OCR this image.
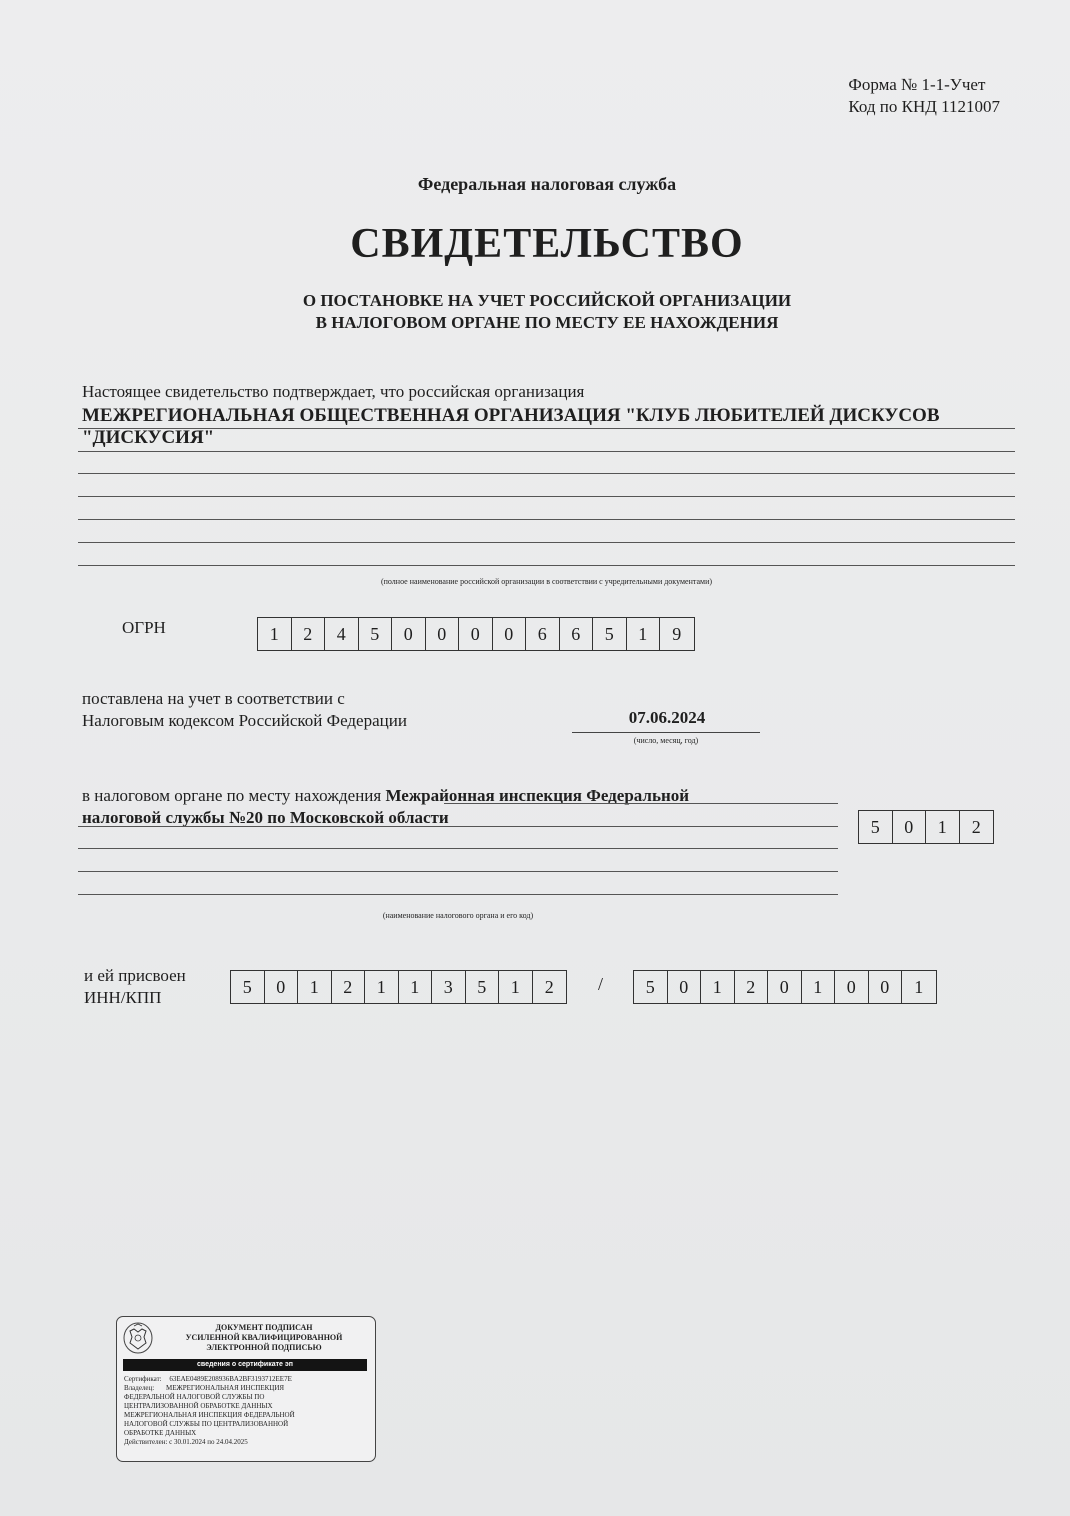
Форма № 1-1-Учет
Код по КНД 1121007
Федеральная налоговая служба
СВИДЕТЕЛЬСТВО
О ПОСТАНОВКЕ НА УЧЕТ РОССИЙСКОЙ ОРГАНИЗАЦИИ
В НАЛОГОВОМ ОРГАНЕ ПО МЕСТУ ЕЕ НАХОЖДЕНИЯ
Настоящее свидетельство подтверждает, что российская организация
МЕЖРЕГИОНАЛЬНАЯ ОБЩЕСТВЕННАЯ ОРГАНИЗАЦИЯ "КЛУБ ЛЮБИТЕЛЕЙ ДИСКУСОВ
"ДИСКУСИЯ"
(полное наименование российской организации в соответствии с учредительными документами)
ОГРН	1	2	4	5	0	0	0	0	6	6	5	1	9
поставлена на учет в соответствии с
Налоговым кодексом Российской Федерации	07.06.2024
(число, месяц, год)
в налоговом органе по месту нахождения Межрайонная инспекция Федеральной
налоговой службы №20 по Московской области
(наименование налогового органа и его код)
5	0	1	2
и ей присвоен
ИНН/КПП
5	0	1	2	1	1	3	5	1	2	/	5	0	1	2	0	1	0	0	1
ДОКУМЕНТ ПОДПИСАН
УСИЛЕННОЙ КВАЛИФИЦИРОВАННОЙ
ЭЛЕКТРОННОЙ ПОДПИСЬЮ
сведения о сертификате эп
Сертификат: 63EAE0489E208936BA2BF3193712EE7E
Владелец: МЕЖРЕГИОНАЛЬНАЯ ИНСПЕКЦИЯ
ФЕДЕРАЛЬНОЙ НАЛОГОВОЙ СЛУЖБЫ ПО
ЦЕНТРАЛИЗОВАННОЙ ОБРАБОТКЕ ДАННЫХ
МЕЖРЕГИОНАЛЬНАЯ ИНСПЕКЦИЯ ФЕДЕРАЛЬНОЙ
НАЛОГОВОЙ СЛУЖБЫ ПО ЦЕНТРАЛИЗОВАННОЙ
ОБРАБОТКЕ ДАННЫХ
Действителен: с 30.01.2024 по 24.04.2025
